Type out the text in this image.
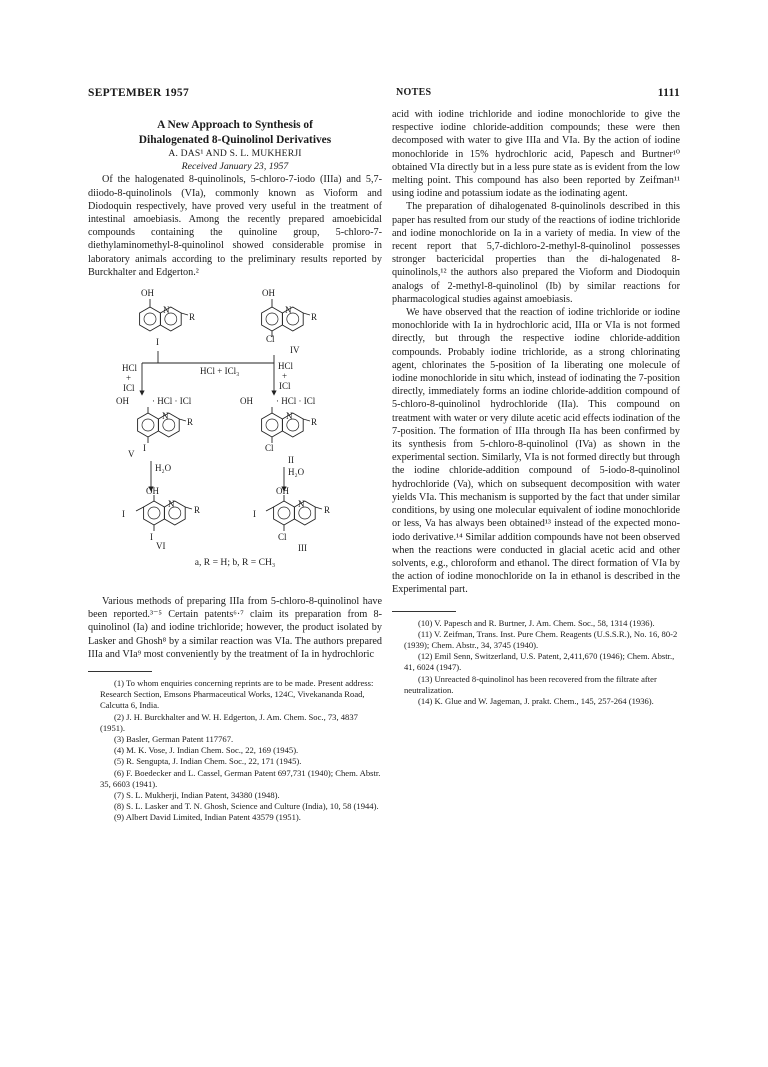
SEPTEMBER 1957	NOTES	1111

A New Approach to Synthesis of

Dihalogenated 8-Quinolinol Derivatives

A. DAS¹ AND S. L. MUKHERJI

Received January 23, 1957

Of the halogenated 8-quinolinols, 5-chloro-7-iodo (IIIa) and 5,7-diiodo-8-quinolinols (VIa), commonly known as Vioform and Diodoquin respectively, have proved very useful in the treatment of intestinal amoebiasis. Among the recently prepared amoebicidal compounds containing the quinoline group, 5-chloro-7-diethylaminomethyl-8-quinolinol showed considerable promise in laboratory animals according to the preliminary results reported by Burckhalter and Edgerton.²

OH
N
R
I
OH
N
R
Cl
IV
HCl
+
ICl
HCl + ICl₃	HCl
+
ICl
OH	· HCl · ICl
N
R
I
V
OH	· HCl · ICl
N
R
Cl
II
H₂O	H₂O
OH
N
R
I
I
VI
OH
N
R
I
Cl
III
a, R = H; b, R = CH₃

Various methods of preparing IIIa from 5-chloro-8-quinolinol have been reported.³⁻⁵ Certain patents⁶·⁷ claim its preparation from 8-quinolinol (Ia) and iodine trichloride; however, the product isolated by Lasker and Ghosh⁸ by a similar reaction was VIa. The authors prepared IIIa and VIa⁹ most conveniently by the treatment of Ia in hydrochloric

(1) To whom enquiries concerning reprints are to be made. Present address: Research Section, Emsons Pharmaceutical Works, 124C, Vivekananda Road, Calcutta 6, India.

(2) J. H. Burckhalter and W. H. Edgerton, J. Am. Chem. Soc., 73, 4837 (1951).

(3) Basler, German Patent 117767.

(4) M. K. Vose, J. Indian Chem. Soc., 22, 169 (1945).

(5) R. Sengupta, J. Indian Chem. Soc., 22, 171 (1945).

(6) F. Boedecker and L. Cassel, German Patent 697,731 (1940); Chem. Abstr. 35, 6603 (1941).

(7) S. L. Mukherji, Indian Patent, 34380 (1948).

(8) S. L. Lasker and T. N. Ghosh, Science and Culture (India), 10, 58 (1944).

(9) Albert David Limited, Indian Patent 43579 (1951).

acid with iodine trichloride and iodine monochloride to give the respective iodine chloride-addition compounds; these were then decomposed with water to give IIIa and VIa. By the action of iodine monochloride in 15% hydrochloric acid, Papesch and Burtner¹⁰ obtained VIa directly but in a less pure state as is evident from the low melting point. This compound has also been reported by Zeifman¹¹ using iodine and potassium iodate as the iodinating agent.

The preparation of dihalogenated 8-quinolinols described in this paper has resulted from our study of the reactions of iodine trichloride and iodine monochloride on Ia in a variety of media. In view of the recent report that 5,7-dichloro-2-methyl-8-quinolinol possesses stronger bactericidal properties than the di-halogenated 8-quinolinols,¹² the authors also prepared the Vioform and Diodoquin analogs of 2-methyl-8-quinolinol (Ib) by similar reactions for pharmacological studies against amoebiasis.

We have observed that the reaction of iodine trichloride or iodine monochloride with Ia in hydrochloric acid, IIIa or VIa is not formed directly, but through the respective iodine chloride-addition compounds. Probably iodine trichloride, as a strong chlorinating agent, chlorinates the 5-position of Ia liberating one molecule of iodine monochloride in situ which, instead of iodinating the 7-position directly, immediately forms an iodine chloride-addition compound of 5-chloro-8-quinolinol hydrochloride (IIa). This compound on treatment with water or very dilute acetic acid effects iodination of the 7-position. The formation of IIIa through IIa has been confirmed by its synthesis from 5-chloro-8-quinolinol (IVa) as shown in the experimental section. Similarly, VIa is not formed directly but through the iodine chloride-addition compound of 5-iodo-8-quinolinol hydrochloride (Va), which on subsequent decomposition with water yields VIa. This mechanism is supported by the fact that under similar conditions, by using one molecular equivalent of iodine monochloride or less, Va has always been obtained¹³ instead of the expected mono-iodo derivative.¹⁴ Similar addition compounds have not been observed when the reactions were conducted in glacial acetic acid and other solvents, e.g., chloroform and ethanol. The direct formation of VIa by the action of iodine monochloride on Ia in ethanol is described in the Experimental part.

(10) V. Papesch and R. Burtner, J. Am. Chem. Soc., 58, 1314 (1936).

(11) V. Zeifman, Trans. Inst. Pure Chem. Reagents (U.S.S.R.), No. 16, 80-2 (1939); Chem. Abstr., 34, 3745 (1940).

(12) Emil Senn, Switzerland, U.S. Patent, 2,411,670 (1946); Chem. Abstr., 41, 6024 (1947).

(13) Unreacted 8-quinolinol has been recovered from the filtrate after neutralization.

(14) K. Glue and W. Jageman, J. prakt. Chem., 145, 257-264 (1936).
